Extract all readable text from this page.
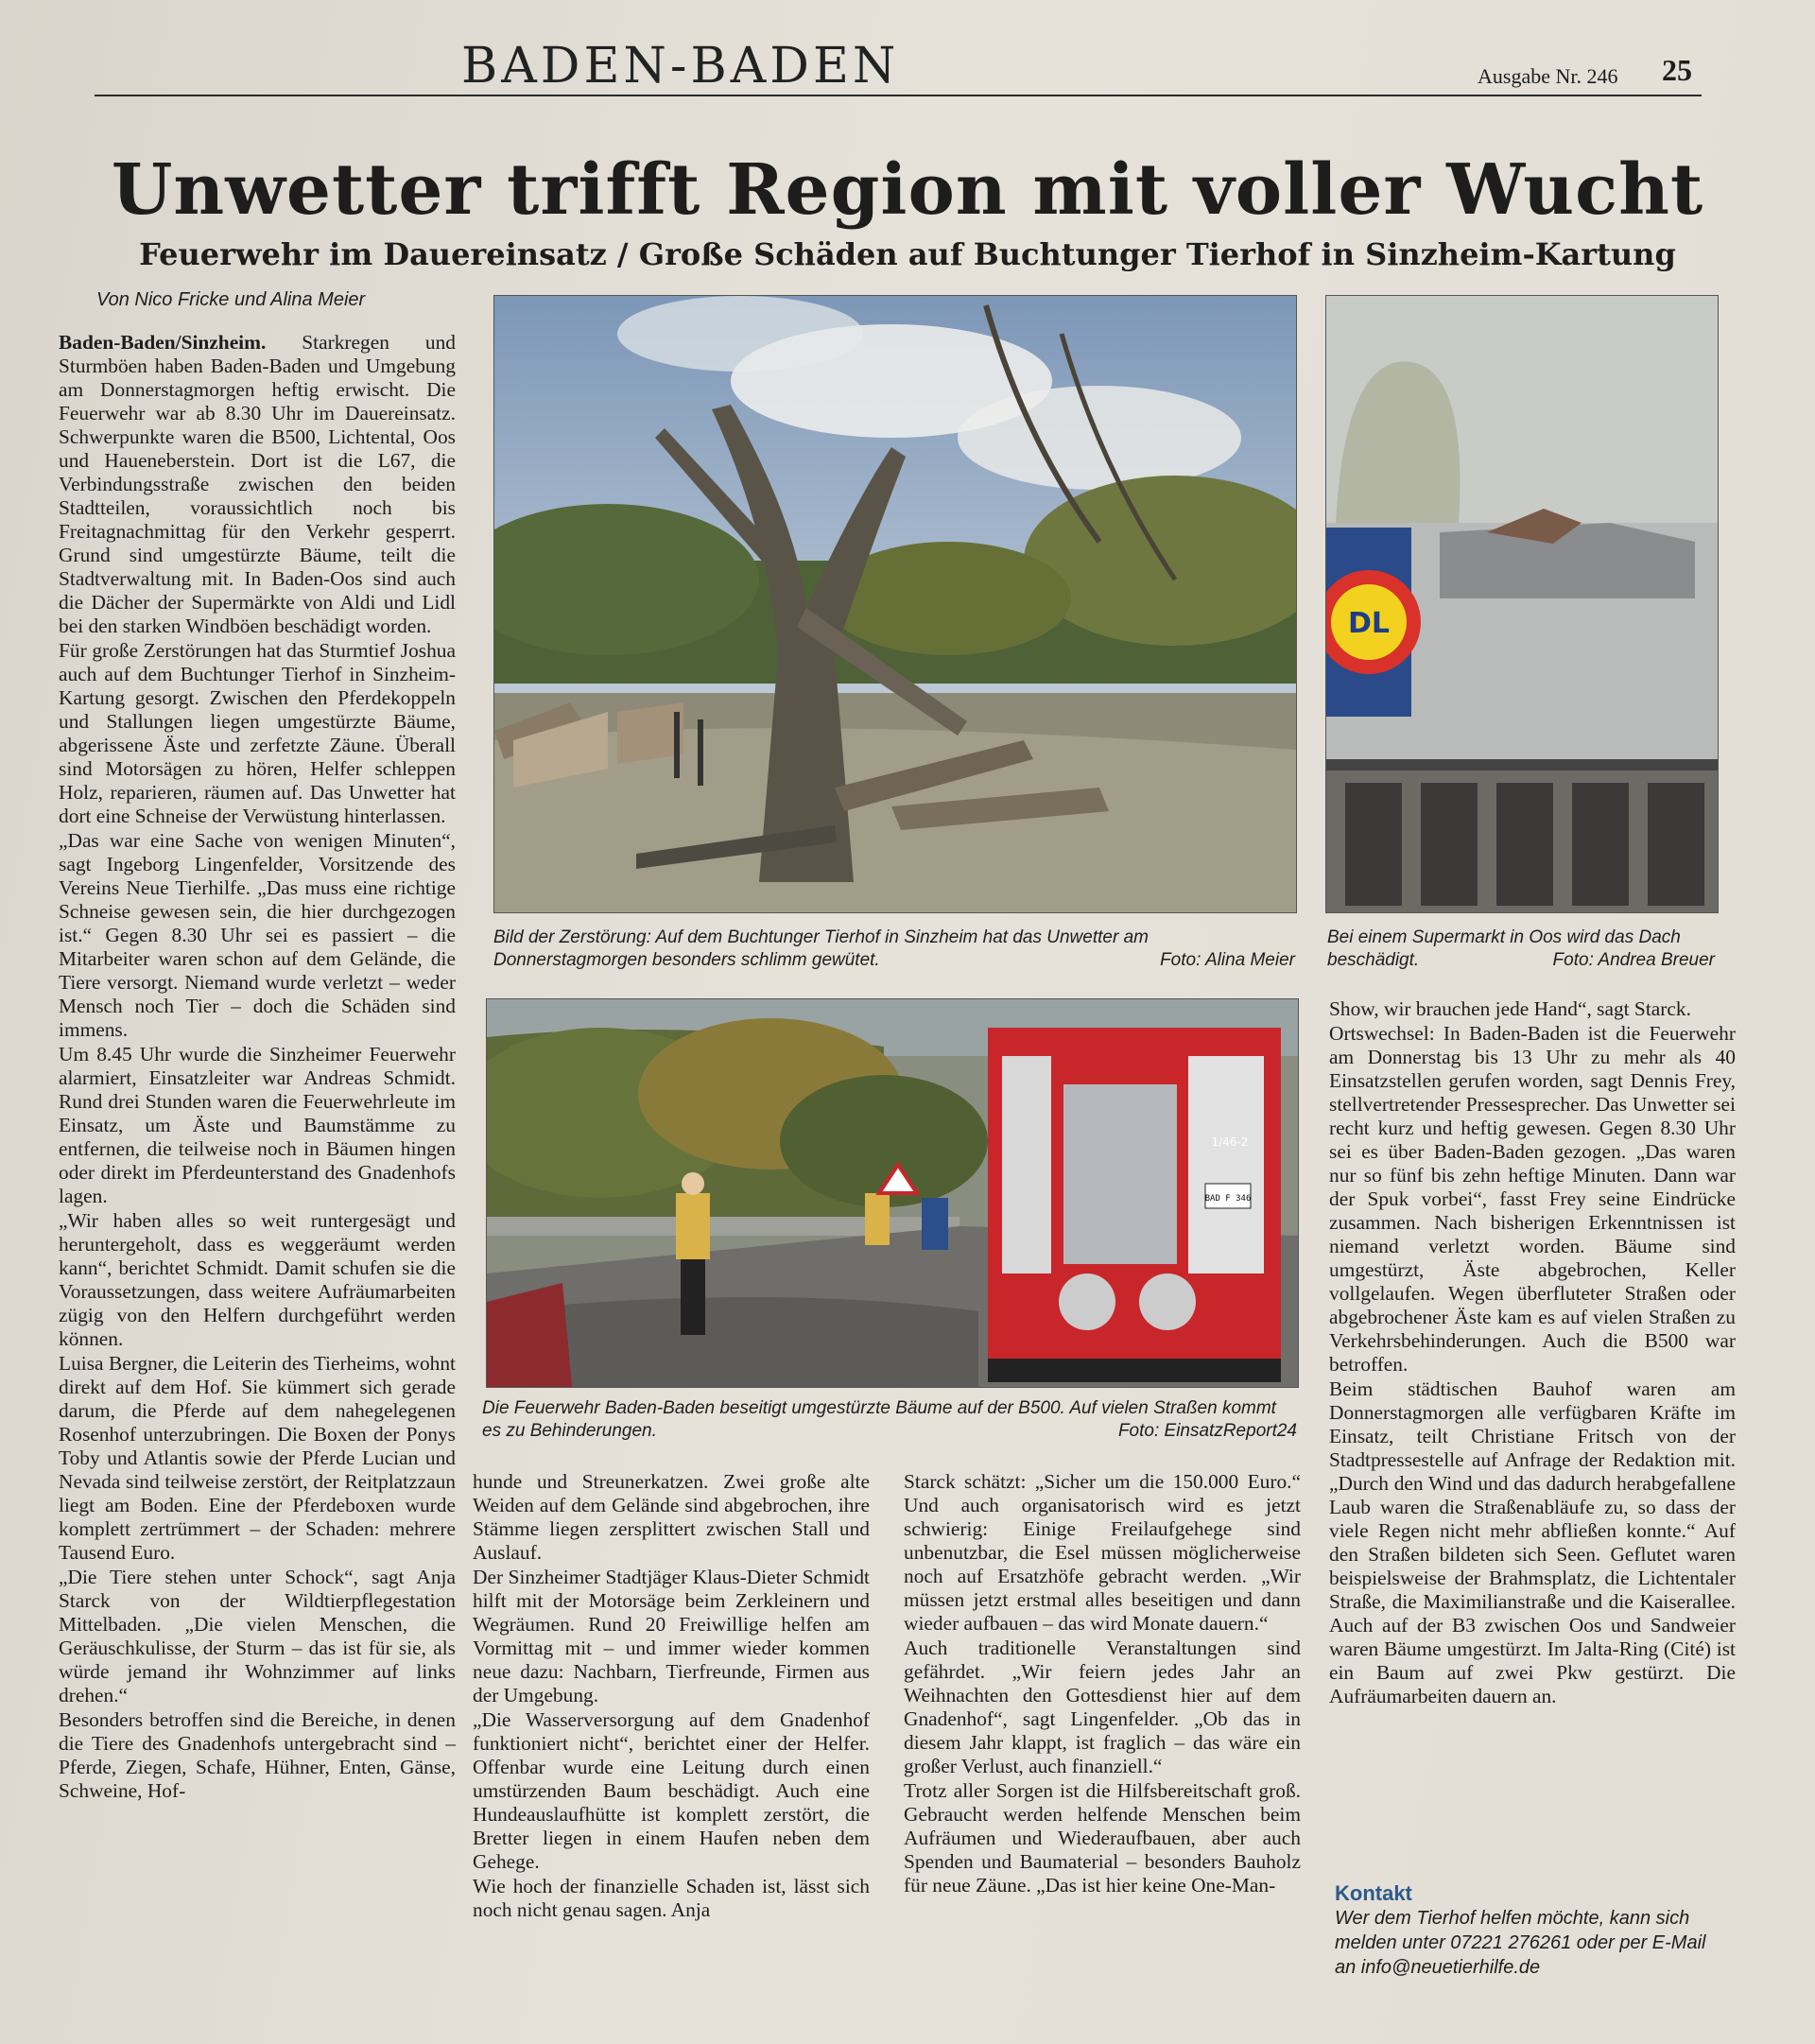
BADEN-BADEN	Ausgabe Nr. 246 25
Unwetter trifft Region mit voller Wucht
Feuerwehr im Dauereinsatz / Große Schäden auf Buchtunger Tierhof in Sinzheim-Kartung
Von Nico Fricke und Alina Meier

Baden-Baden/Sinzheim. Starkregen und Sturmböen haben Baden-Baden und Umgebung am Donnerstagmorgen heftig erwischt. Die Feuerwehr war ab 8.30 Uhr im Dauereinsatz. Schwerpunkte waren die B500, Lichtental, Oos und Haueneberstein. Dort ist die L67, die Verbindungsstraße zwischen den beiden Stadtteilen, voraussichtlich noch bis Freitagnachmittag für den Verkehr gesperrt. Grund sind umgestürzte Bäume, teilt die Stadtverwaltung mit. In Baden-Oos sind auch die Dächer der Supermärkte von Aldi und Lidl bei den starken Windböen beschädigt worden.

Für große Zerstörungen hat das Sturmtief Joshua auch auf dem Buchtunger Tierhof in Sinzheim-Kartung gesorgt. Zwischen den Pferdekoppeln und Stallungen liegen umgestürzte Bäume, abgerissene Äste und zerfetzte Zäune. Überall sind Motorsägen zu hören, Helfer schleppen Holz, reparieren, räumen auf. Das Unwetter hat dort eine Schneise der Verwüstung hinterlassen.

„Das war eine Sache von wenigen Minuten“, sagt Ingeborg Lingenfelder, Vorsitzende des Vereins Neue Tierhilfe. „Das muss eine richtige Schneise gewesen sein, die hier durchgezogen ist.“ Gegen 8.30 Uhr sei es passiert – die Mitarbeiter waren schon auf dem Gelände, die Tiere versorgt. Niemand wurde verletzt – weder Mensch noch Tier – doch die Schäden sind immens.

Um 8.45 Uhr wurde die Sinzheimer Feuerwehr alarmiert, Einsatzleiter war Andreas Schmidt. Rund drei Stunden waren die Feuerwehrleute im Einsatz, um Äste und Baumstämme zu entfernen, die teilweise noch in Bäumen hingen oder direkt im Pferdeunterstand des Gnadenhofs lagen.

„Wir haben alles so weit runtergesägt und heruntergeholt, dass es weggeräumt werden kann“, berichtet Schmidt. Damit schufen sie die Voraussetzungen, dass weitere Aufräumarbeiten zügig von den Helfern durchgeführt werden können.

Luisa Bergner, die Leiterin des Tierheims, wohnt direkt auf dem Hof. Sie kümmert sich gerade darum, die Pferde auf dem nahegelegenen Rosenhof unterzubringen. Die Boxen der Ponys Toby und Atlantis sowie der Pferde Lucian und Nevada sind teilweise zerstört, der Reitplatzzaun liegt am Boden. Eine der Pferdeboxen wurde komplett zertrümmert – der Schaden: mehrere Tausend Euro.

„Die Tiere stehen unter Schock“, sagt Anja Starck von der Wildtierpflegestation Mittelbaden. „Die vielen Menschen, die Geräuschkulisse, der Sturm – das ist für sie, als würde jemand ihr Wohnzimmer auf links drehen.“

Besonders betroffen sind die Bereiche, in denen die Tiere des Gnadenhofs untergebracht sind – Pferde, Ziegen, Schafe, Hühner, Enten, Gänse, Schweine, Hof-

Bild der Zerstörung: Auf dem Buchtunger Tierhof in Sinzheim hat das Unwetter am Donnerstagmorgen besonders schlimm gewütet.	Foto: Alina Meier
DL
Bei einem Supermarkt in Oos wird das Dach beschädigt.	Foto: Andrea Breuer
BAD F 346
1/46-2
Die Feuerwehr Baden-Baden beseitigt umgestürzte Bäume auf der B500. Auf vielen Straßen kommt es zu Behinderungen.	Foto: EinsatzReport24

hunde und Streunerkatzen. Zwei große alte Weiden auf dem Gelände sind abgebrochen, ihre Stämme liegen zersplittert zwischen Stall und Auslauf.

Der Sinzheimer Stadtjäger Klaus-Dieter Schmidt hilft mit der Motorsäge beim Zerkleinern und Wegräumen. Rund 20 Freiwillige helfen am Vormittag mit – und immer wieder kommen neue dazu: Nachbarn, Tierfreunde, Firmen aus der Umgebung.

„Die Wasserversorgung auf dem Gnadenhof funktioniert nicht“, berichtet einer der Helfer. Offenbar wurde eine Leitung durch einen umstürzenden Baum beschädigt. Auch eine Hundeauslaufhütte ist komplett zerstört, die Bretter liegen in einem Haufen neben dem Gehege.

Wie hoch der finanzielle Schaden ist, lässt sich noch nicht genau sagen. Anja

Starck schätzt: „Sicher um die 150.000 Euro.“ Und auch organisatorisch wird es jetzt schwierig: Einige Freilaufgehege sind unbenutzbar, die Esel müssen möglicherweise noch auf Ersatzhöfe gebracht werden. „Wir müssen jetzt erstmal alles beseitigen und dann wieder aufbauen – das wird Monate dauern.“

Auch traditionelle Veranstaltungen sind gefährdet. „Wir feiern jedes Jahr an Weihnachten den Gottesdienst hier auf dem Gnadenhof“, sagt Lingenfelder. „Ob das in diesem Jahr klappt, ist fraglich – das wäre ein großer Verlust, auch finanziell.“

Trotz aller Sorgen ist die Hilfsbereitschaft groß. Gebraucht werden helfende Menschen beim Aufräumen und Wiederaufbauen, aber auch Spenden und Baumaterial – besonders Bauholz für neue Zäune. „Das ist hier keine One-Man-

Show, wir brauchen jede Hand“, sagt Starck.

Ortswechsel: In Baden-Baden ist die Feuerwehr am Donnerstag bis 13 Uhr zu mehr als 40 Einsatzstellen gerufen worden, sagt Dennis Frey, stellvertretender Pressesprecher. Das Unwetter sei recht kurz und heftig gewesen. Gegen 8.30 Uhr sei es über Baden-Baden gezogen. „Das waren nur so fünf bis zehn heftige Minuten. Dann war der Spuk vorbei“, fasst Frey seine Eindrücke zusammen. Nach bisherigen Erkenntnissen ist niemand verletzt worden. Bäume sind umgestürzt, Äste abgebrochen, Keller vollgelaufen. Wegen überfluteter Straßen oder abgebrochener Äste kam es auf vielen Straßen zu Verkehrsbehinderungen. Auch die B500 war betroffen.

Beim städtischen Bauhof waren am Donnerstagmorgen alle verfügbaren Kräfte im Einsatz, teilt Christiane Fritsch von der Stadtpressestelle auf Anfrage der Redaktion mit. „Durch den Wind und das dadurch herabgefallene Laub waren die Straßenabläufe zu, so dass der viele Regen nicht mehr abfließen konnte.“ Auf den Straßen bildeten sich Seen. Geflutet waren beispielsweise der Brahmsplatz, die Lichtentaler Straße, die Maximilianstraße und die Kaiserallee. Auch auf der B3 zwischen Oos und Sandweier waren Bäume umgestürzt. Im Jalta-Ring (Cité) ist ein Baum auf zwei Pkw gestürzt. Die Aufräumarbeiten dauern an.

Kontakt
Wer dem Tierhof helfen möchte, kann sich melden unter 07221 276261 oder per E-Mail an info@neuetierhilfe.de
